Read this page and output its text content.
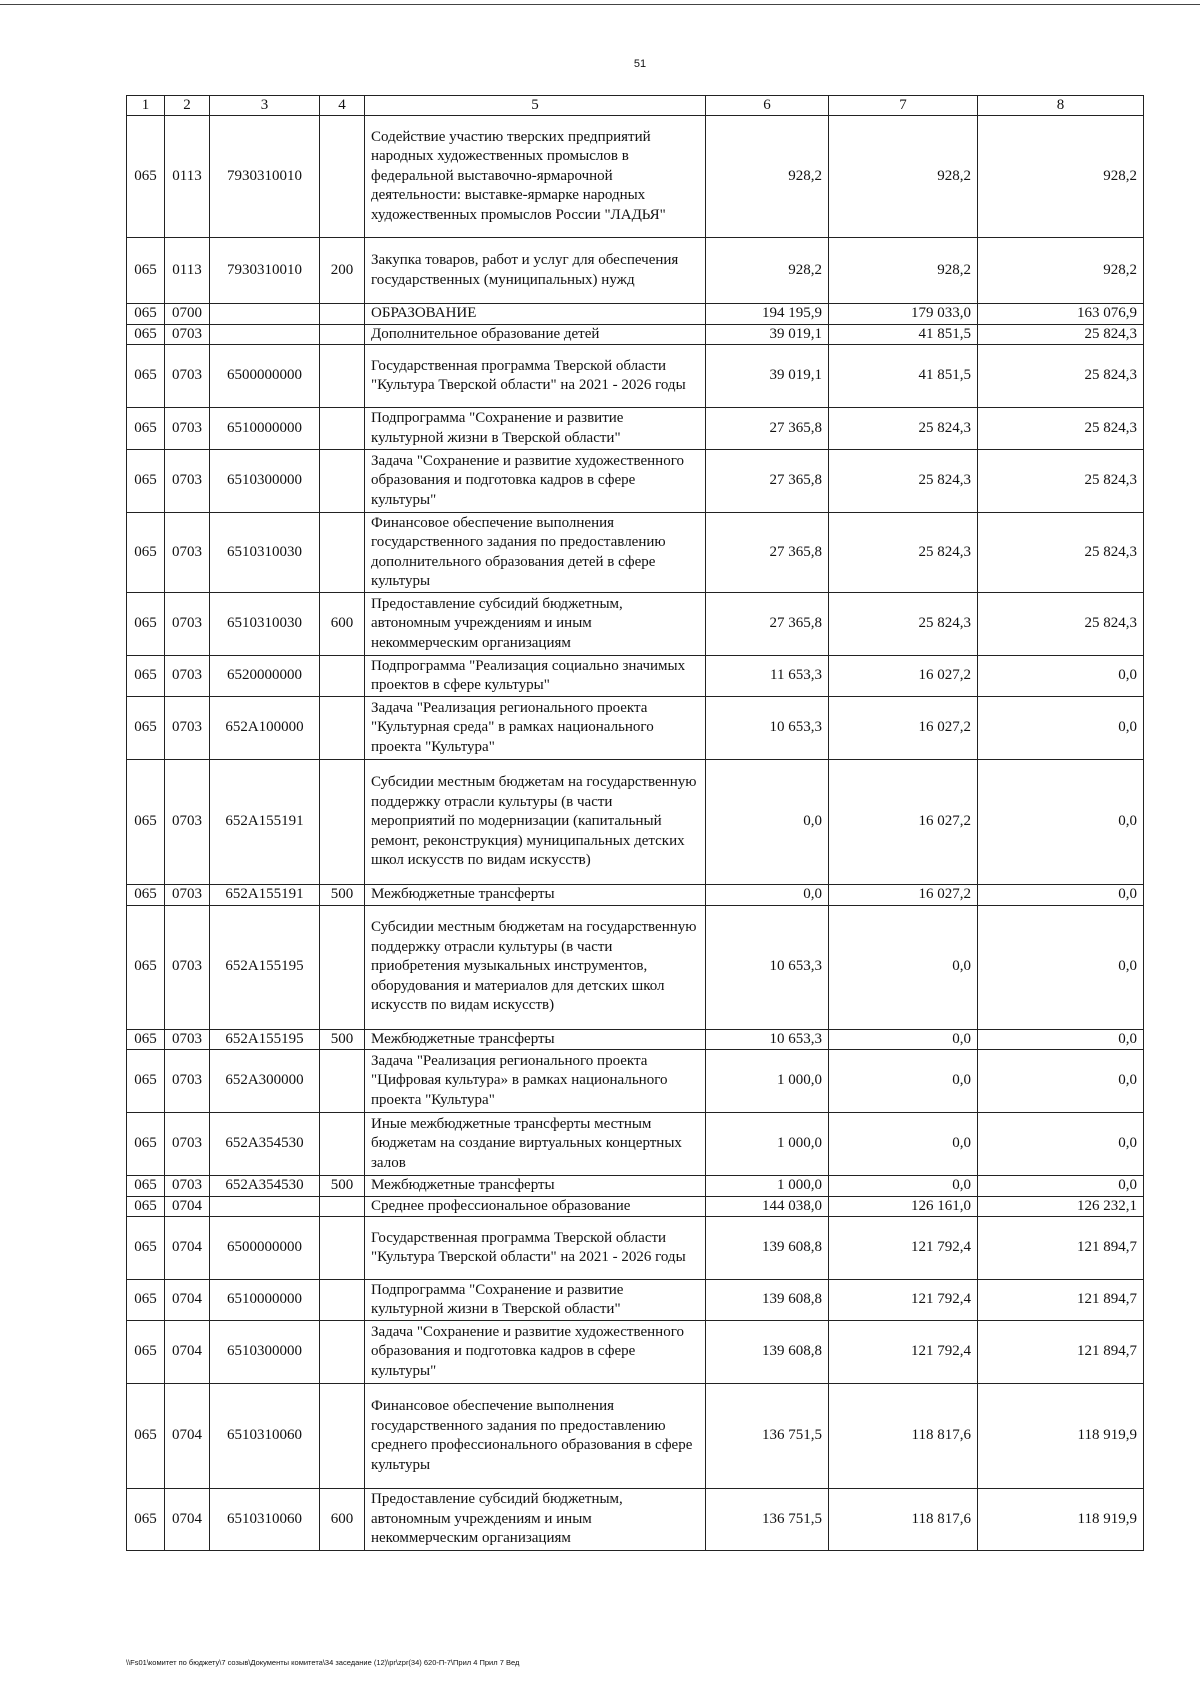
51
1	2	3	4	5	6	7	8
065	0113	7930310010		Содействие участию тверских предприятий народных художественных промыслов в федеральной выставочно-ярмарочной деятельности: выставке-ярмарке народных художественных промыслов России "ЛАДЬЯ"	928,2	928,2	928,2
065	0113	7930310010	200	Закупка товаров, работ и услуг для обеспечения государственных (муниципальных) нужд	928,2	928,2	928,2
065	0700			ОБРАЗОВАНИЕ	194 195,9	179 033,0	163 076,9
065	0703			Дополнительное образование детей	39 019,1	41 851,5	25 824,3
065	0703	6500000000		Государственная программа Тверской области "Культура Тверской области" на 2021 - 2026 годы	39 019,1	41 851,5	25 824,3
065	0703	6510000000		Подпрограмма "Сохранение и развитие культурной жизни в Тверской области"	27 365,8	25 824,3	25 824,3
065	0703	6510300000		Задача "Сохранение и развитие художественного образования и подготовка кадров в сфере культуры"	27 365,8	25 824,3	25 824,3
065	0703	6510310030		Финансовое обеспечение выполнения государственного задания по предоставлению дополнительного образования детей в сфере культуры	27 365,8	25 824,3	25 824,3
065	0703	6510310030	600	Предоставление субсидий бюджетным, автономным учреждениям и иным некоммерческим организациям	27 365,8	25 824,3	25 824,3
065	0703	6520000000		Подпрограмма "Реализация социально значимых проектов в сфере культуры"	11 653,3	16 027,2	0,0
065	0703	652A100000		Задача "Реализация регионального проекта "Культурная среда" в рамках национального проекта "Культура"	10 653,3	16 027,2	0,0
065	0703	652A155191		Субсидии местным бюджетам на государственную поддержку отрасли культуры (в части мероприятий по модернизации (капитальный ремонт, реконструкция) муниципальных детских школ искусств по видам искусств)	0,0	16 027,2	0,0
065	0703	652A155191	500	Межбюджетные трансферты	0,0	16 027,2	0,0
065	0703	652A155195		Субсидии местным бюджетам на государственную поддержку отрасли культуры (в части приобретения музыкальных инструментов, оборудования и материалов для детских школ искусств по видам искусств)	10 653,3	0,0	0,0
065	0703	652A155195	500	Межбюджетные трансферты	10 653,3	0,0	0,0
065	0703	652A300000		Задача "Реализация регионального проекта "Цифровая культура» в рамках национального проекта "Культура"	1 000,0	0,0	0,0
065	0703	652A354530		Иные межбюджетные трансферты местным бюджетам на создание виртуальных концертных залов	1 000,0	0,0	0,0
065	0703	652A354530	500	Межбюджетные трансферты	1 000,0	0,0	0,0
065	0704			Среднее профессиональное образование	144 038,0	126 161,0	126 232,1
065	0704	6500000000		Государственная программа Тверской области "Культура Тверской области" на 2021 - 2026 годы	139 608,8	121 792,4	121 894,7
065	0704	6510000000		Подпрограмма "Сохранение и развитие культурной жизни в Тверской области"	139 608,8	121 792,4	121 894,7
065	0704	6510300000		Задача "Сохранение и развитие художественного образования и подготовка кадров в сфере культуры"	139 608,8	121 792,4	121 894,7
065	0704	6510310060		Финансовое обеспечение выполнения государственного задания по предоставлению среднего профессионального образования в сфере культуры	136 751,5	118 817,6	118 919,9
065	0704	6510310060	600	Предоставление субсидий бюджетным, автономным учреждениям и иным некоммерческим организациям	136 751,5	118 817,6	118 919,9
\\Fs01\комитет по бюджету\7 созыв\Документы комитета\34 заседание (12)\pr\zpr(34) 620-П-7\Прил 4 Прил 7 Вед
